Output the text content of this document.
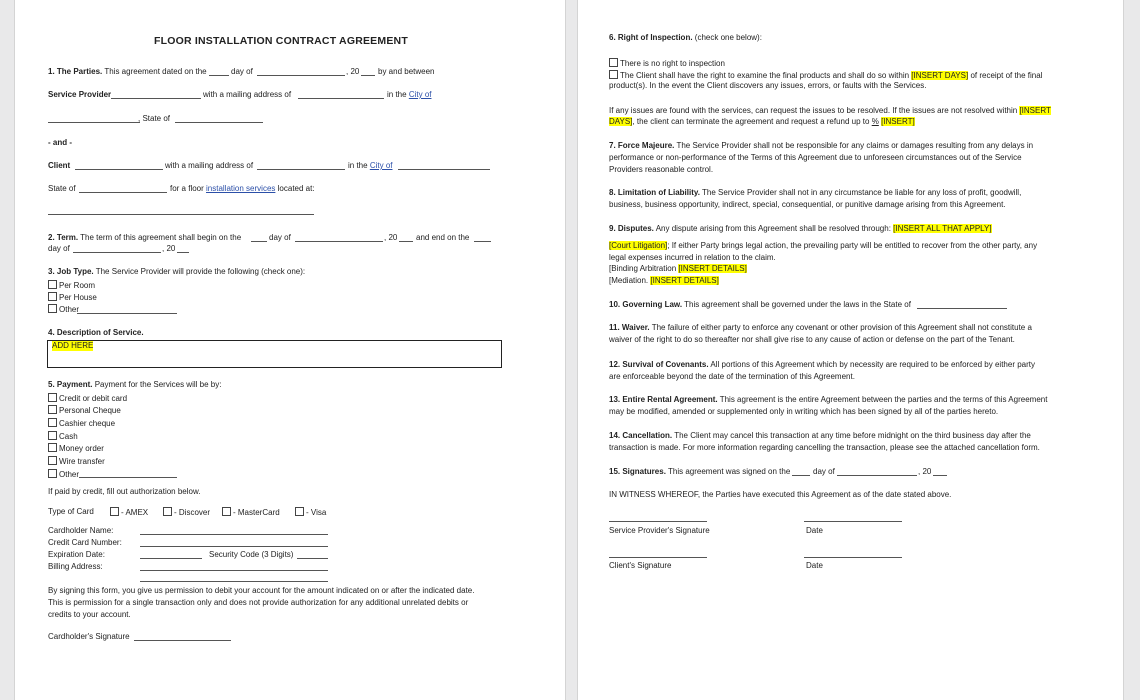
FLOOR INSTALLATION CONTRACT AGREEMENT
1. The Parties. This agreement dated on the	day of	, 20 by and between
Service Provider	with a mailing address of	in the City of
, State of
- and -
Client	with a mailing address of	in the City of
State of	for a floor installation services located at:
2. Term. The term of this agreement shall begin on the	day of	, 20 and end on the
day of	, 20
3. Job Type. The Service Provider will provide the following (check one):
Per Room
Per House
Other
4. Description of Service.
ADD HERE
5. Payment. Payment for the Services will be by:
Credit or debit card
Personal Cheque
Cashier cheque
Cash
Money order
Wire transfer
Other
If paid by credit, fill out authorization below.
Type of Card	- AMEX	- Discover	- MasterCard	- Visa
Cardholder Name:
Credit Card Number:
Expiration Date:	Security Code (3 Digits)
Billing Address:
By signing this form, you give us permission to debit your account for the amount indicated on or after the indicated date.
This is permission for a single transaction only and does not provide authorization for any additional unrelated debits or
credits to your account.
Cardholder's Signature
6. Right of Inspection. (check one below):
There is no right to inspection
The Client shall have the right to examine the final products and shall do so within [INSERT DAYS] of receipt of the final
product(s). In the event the Client discovers any issues, errors, or faults with the Services.
If any issues are found with the services, can request the issues to be resolved. If the issues are not resolved within [INSERT
DAYS], the client can terminate the agreement and request a refund up to % [INSERT]
7. Force Majeure. The Service Provider shall not be responsible for any claims or damages resulting from any delays in
performance or non-performance of the Terms of this Agreement due to unforeseen circumstances out of the Service
Providers reasonable control.
8. Limitation of Liability. The Service Provider shall not in any circumstance be liable for any loss of profit, goodwill,
business, business opportunity, indirect, special, consequential, or punitive damage arising from this Agreement.
9. Disputes. Any dispute arising from this Agreement shall be resolved through: [INSERT ALL THAT APPLY]
[Court Litigation]; If either Party brings legal action, the prevailing party will be entitled to recover from the other party, any
legal expenses incurred in relation to the claim.
[Binding Arbitration [INSERT DETAILS]
[Mediation. [INSERT DETAILS]
10. Governing Law. This agreement shall be governed under the laws in the State of
11. Waiver. The failure of either party to enforce any covenant or other provision of this Agreement shall not constitute a
waiver of the right to do so thereafter nor shall give rise to any cause of action or defense on the part of the Tenant.
12. Survival of Covenants. All portions of this Agreement which by necessity are required to be enforced by either party
are enforceable beyond the date of the termination of this Agreement.
13. Entire Rental Agreement. This agreement is the entire Agreement between the parties and the terms of this Agreement
may be modified, amended or supplemented only in writing which has been signed by all of the parties hereto.
14. Cancellation. The Client may cancel this transaction at any time before midnight on the third business day after the
transaction is made. For more information regarding cancelling the transaction, please see the attached cancellation form.
15. Signatures. This agreement was signed on the	day of	, 20
IN WITNESS WHEREOF, the Parties have executed this Agreement as of the date stated above.
Service Provider's Signature	Date
Client's Signature	Date
